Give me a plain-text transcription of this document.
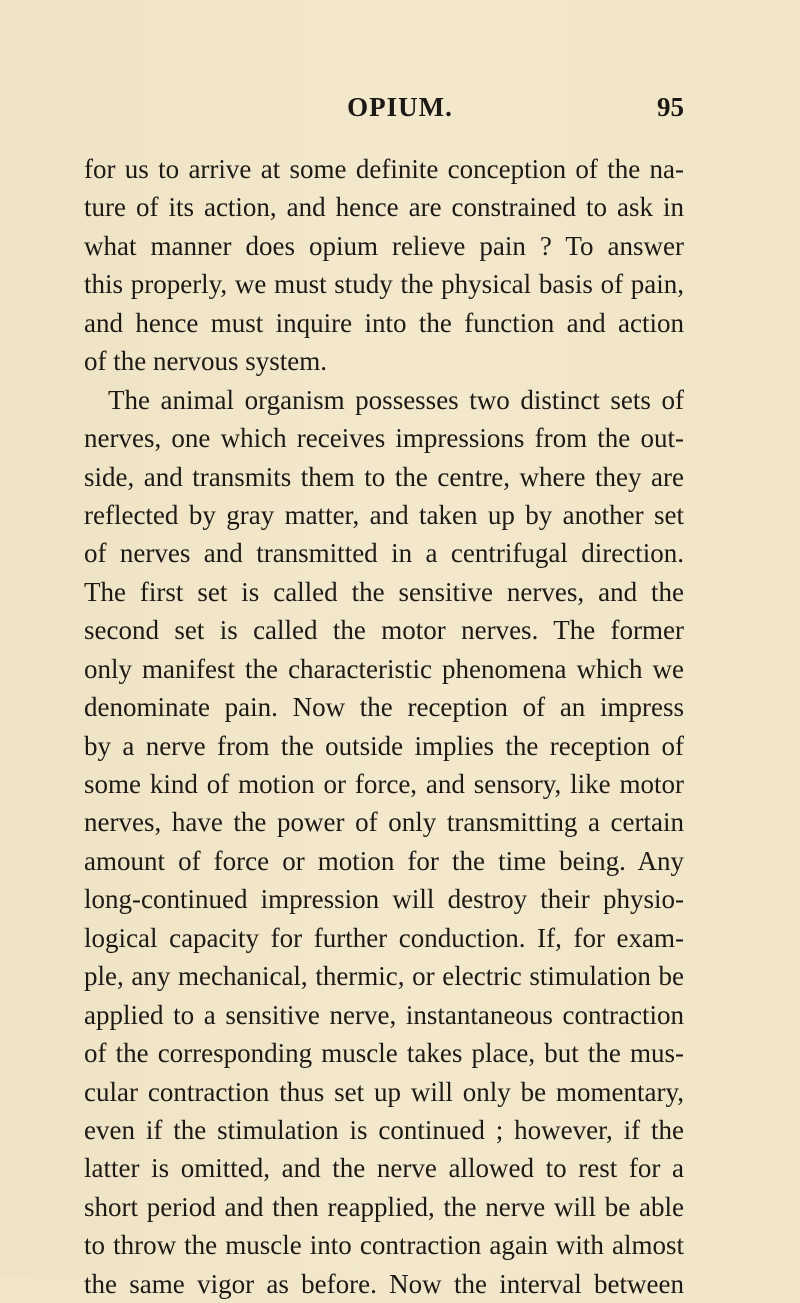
OPIUM.	95
for us to arrive at some definite conception of the na-
ture of its action, and hence are constrained to ask in
what manner does opium relieve pain ? To answer
this properly, we must study the physical basis of pain,
and hence must inquire into the function and action
of the nervous system.
The animal organism possesses two distinct sets of
nerves, one which receives impressions from the out-
side, and transmits them to the centre, where they are
reflected by gray matter, and taken up by another set
of nerves and transmitted in a centrifugal direction.
The first set is called the sensitive nerves, and the
second set is called the motor nerves. The former
only manifest the characteristic phenomena which we
denominate pain. Now the reception of an impress
by a nerve from the outside implies the reception of
some kind of motion or force, and sensory, like motor
nerves, have the power of only transmitting a certain
amount of force or motion for the time being. Any
long-continued impression will destroy their physio-
logical capacity for further conduction. If, for exam-
ple, any mechanical, thermic, or electric stimulation be
applied to a sensitive nerve, instantaneous contraction
of the corresponding muscle takes place, but the mus-
cular contraction thus set up will only be momentary,
even if the stimulation is continued ; however, if the
latter is omitted, and the nerve allowed to rest for a
short period and then reapplied, the nerve will be able
to throw the muscle into contraction again with almost
the same vigor as before. Now the interval between
